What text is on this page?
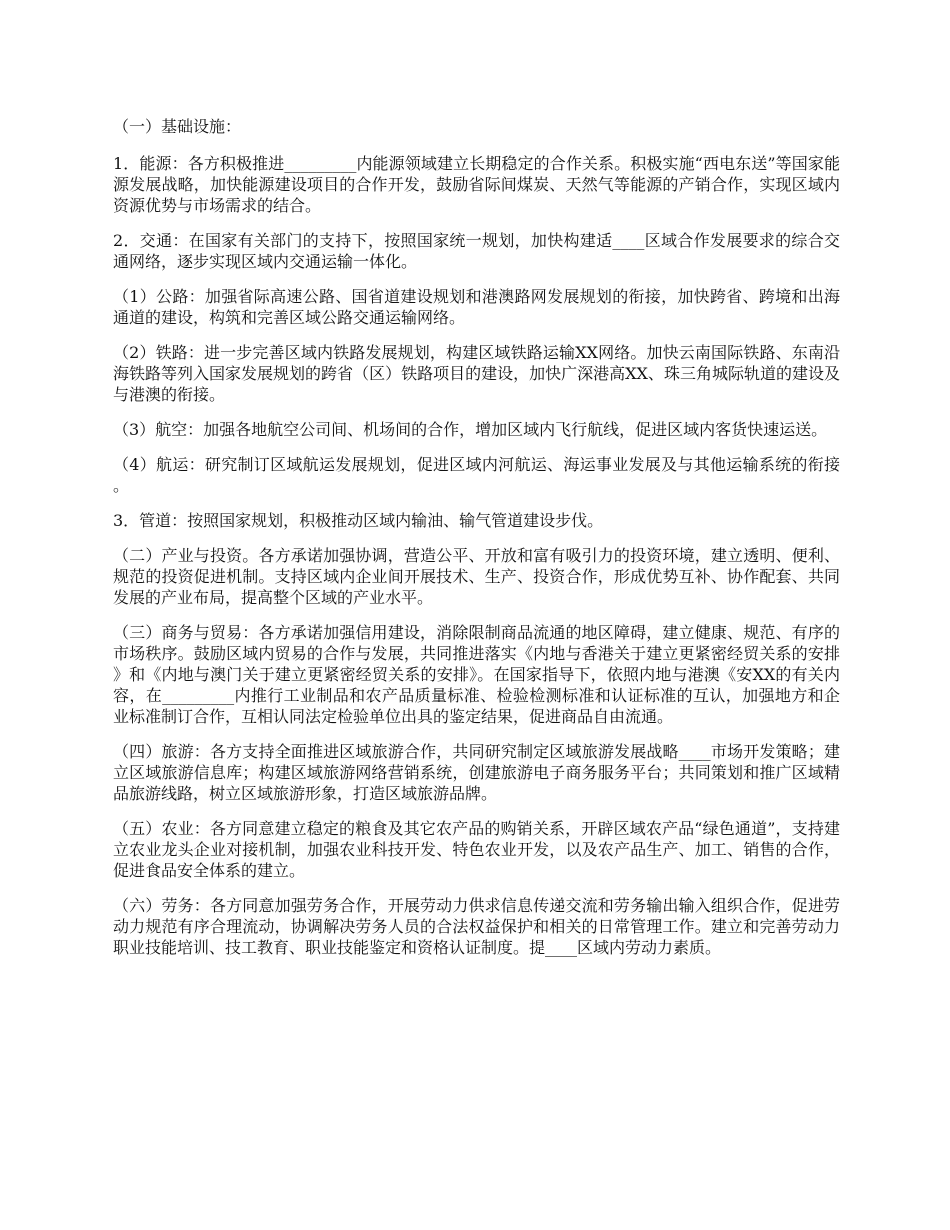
（一）基础设施：

1．能源：各方积极推进_________内能源领域建立长期稳定的合作关系。积极实施“西电东送”等国家能源发展战略，加快能源建设项目的合作开发，鼓励省际间煤炭、天然气等能源的产销合作，实现区域内资源优势与市场需求的结合。

2．交通：在国家有关部门的支持下，按照国家统一规划，加快构建适____区域合作发展要求的综合交通网络，逐步实现区域内交通运输一体化。

（1）公路：加强省际高速公路、国省道建设规划和港澳路网发展规划的衔接，加快跨省、跨境和出海通道的建设，构筑和完善区域公路交通运输网络。

（2）铁路：进一步完善区域内铁路发展规划，构建区域铁路运输XX网络。加快云南国际铁路、东南沿海铁路等列入国家发展规划的跨省（区）铁路项目的建设，加快广深港高XX、珠三角城际轨道的建设及与港澳的衔接。

（3）航空：加强各地航空公司间、机场间的合作，增加区域内飞行航线，促进区域内客货快速运送。

（4）航运：研究制订区域航运发展规划，促进区域内河航运、海运事业发展及与其他运输系统的衔接。

3．管道：按照国家规划，积极推动区域内输油、输气管道建设步伐。

（二）产业与投资。各方承诺加强协调，营造公平、开放和富有吸引力的投资环境，建立透明、便利、规范的投资促进机制。支持区域内企业间开展技术、生产、投资合作，形成优势互补、协作配套、共同发展的产业布局，提高整个区域的产业水平。

（三）商务与贸易：各方承诺加强信用建设，消除限制商品流通的地区障碍，建立健康、规范、有序的市场秩序。鼓励区域内贸易的合作与发展，共同推进落实《内地与香港关于建立更紧密经贸关系的安排》和《内地与澳门关于建立更紧密经贸关系的安排》。在国家指导下，依照内地与港澳《安XX的有关内容，在_________内推行工业制品和农产品质量标准、检验检测标准和认证标准的互认，加强地方和企业标准制订合作，互相认同法定检验单位出具的鉴定结果，促进商品自由流通。

（四）旅游：各方支持全面推进区域旅游合作，共同研究制定区域旅游发展战略____市场开发策略；建立区域旅游信息库；构建区域旅游网络营销系统，创建旅游电子商务服务平台；共同策划和推广区域精品旅游线路，树立区域旅游形象，打造区域旅游品牌。

（五）农业：各方同意建立稳定的粮食及其它农产品的购销关系，开辟区域农产品“绿色通道”，支持建立农业龙头企业对接机制，加强农业科技开发、特色农业开发，以及农产品生产、加工、销售的合作，促进食品安全体系的建立。

（六）劳务：各方同意加强劳务合作，开展劳动力供求信息传递交流和劳务输出输入组织合作，促进劳动力规范有序合理流动，协调解决劳务人员的合法权益保护和相关的日常管理工作。建立和完善劳动力职业技能培训、技工教育、职业技能鉴定和资格认证制度。提____区域内劳动力素质。
